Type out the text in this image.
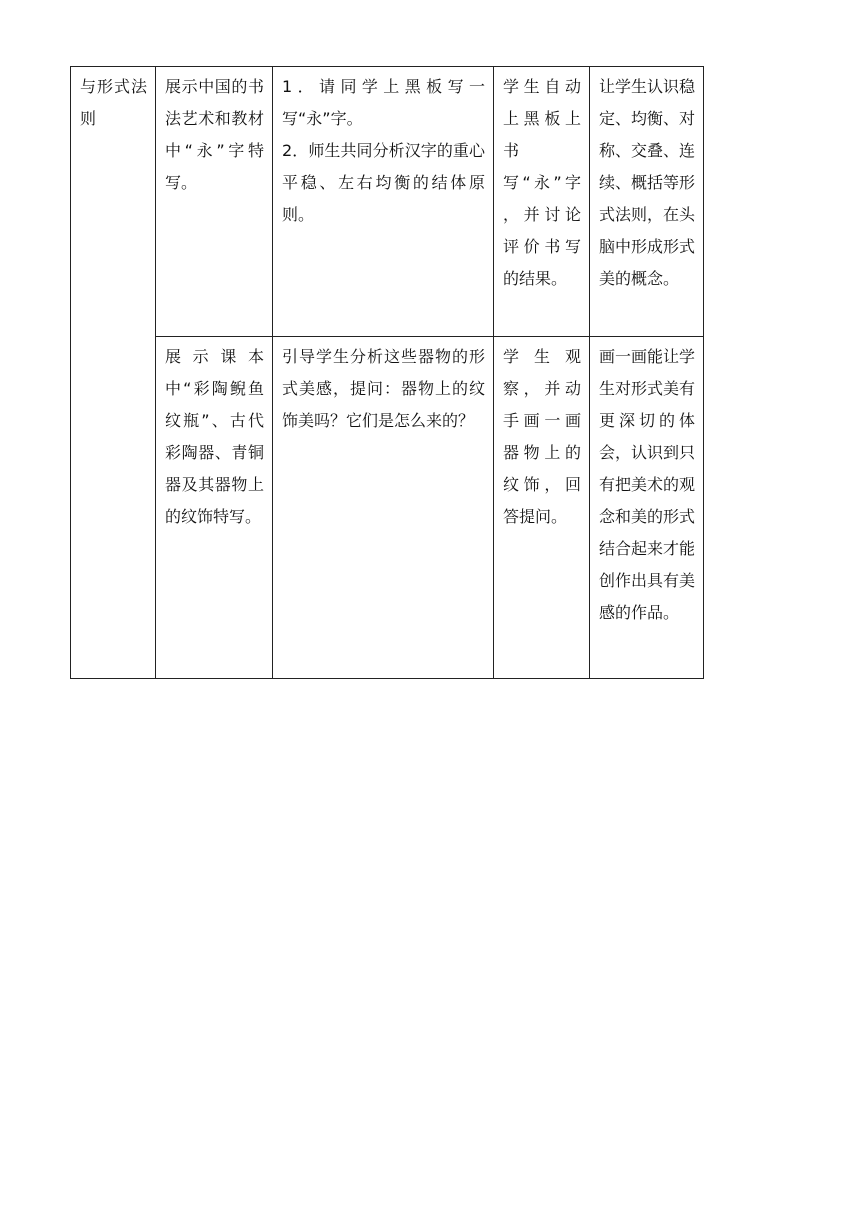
与形式法则	展示中国的书法艺术和教材中“永”字特写。	1．请同学上黑板写一写“永”字。
2．师生共同分析汉字的重心平稳、左右均衡的结体原则。	学生自动上黑板上书写“永”字，并讨论评价书写的结果。	让学生认识稳定、均衡、对称、交叠、连续、概括等形式法则，在头脑中形成形式美的概念。

	展示课本中“彩陶鲵鱼纹瓶”、古代彩陶器、青铜器及其器物上的纹饰特写。	引导学生分析这些器物的形式美感，提问：器物上的纹饰美吗？它们是怎么来的？	学生观察，并动手画一画器物上的纹饰，回答提问。	画一画能让学生对形式美有更深切的体会，认识到只有把美术的观念和美的形式结合起来才能创作出具有美感的作品。
